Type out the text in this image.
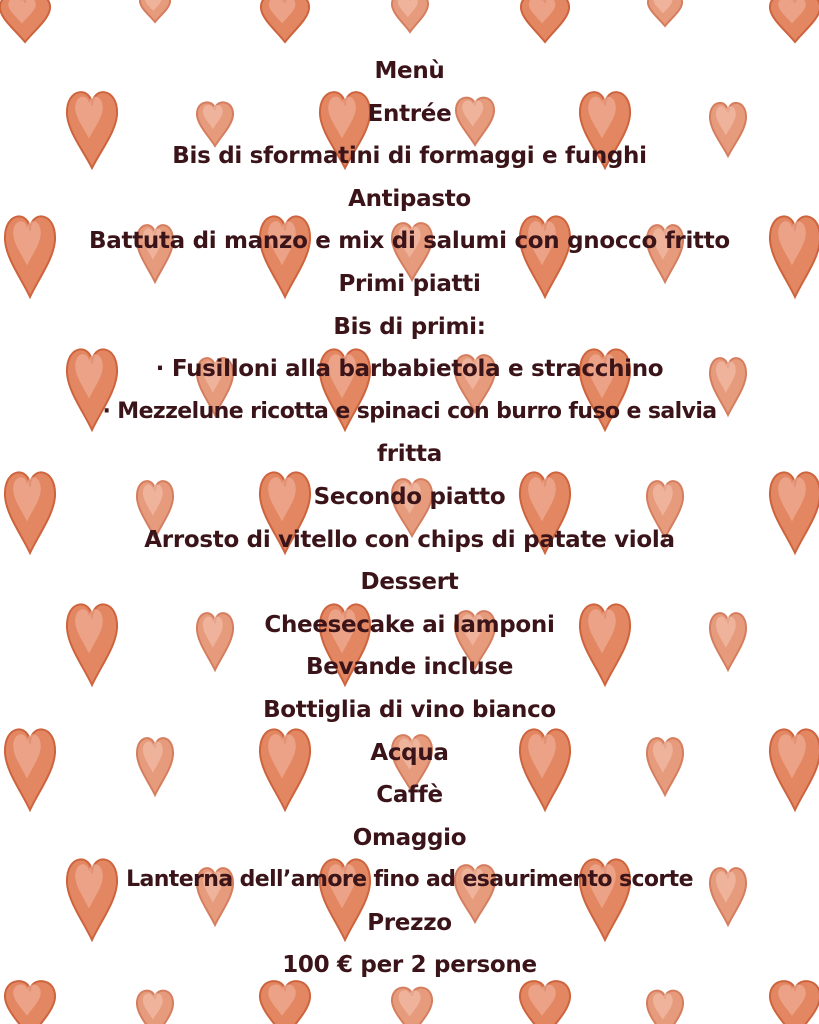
Menù
Entrée
Bis di sformatini di formaggi e funghi
Antipasto
Battuta di manzo e mix di salumi con gnocco fritto
Primi piatti
Bis di primi:
· Fusilloni alla barbabietola e stracchino
· Mezzelune ricotta e spinaci con burro fuso e salvia
fritta
Secondo piatto
Arrosto di vitello con chips di patate viola
Dessert
Cheesecake ai lamponi
Bevande incluse
Bottiglia di vino bianco
Acqua
Caffè
Omaggio
Lanterna dell’amore fino ad esaurimento scorte
Prezzo
100 € per 2 persone
